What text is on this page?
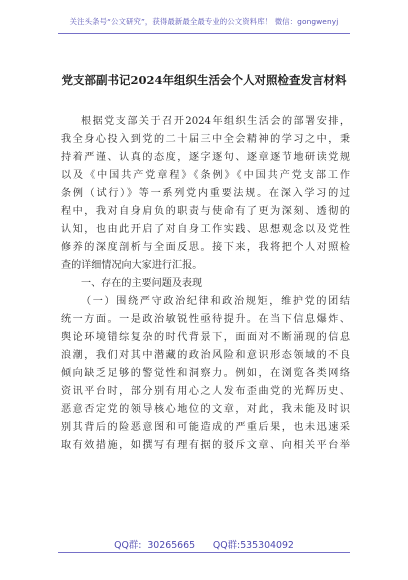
关注头条号“公文研究”，获得最新最全最专业的公文资料库！ 微信：gongwenyj
党支部副书记2024年组织生活会个人对照检查发言材料
根据党支部关于召开2024年组织生活会的部署安排，
我全身心投入到党的二十届三中全会精神的学习之中，秉
持着严谨、认真的态度，逐字逐句、逐章逐节地研读党规
以及《中国共产党章程》《条例》《中国共产党支部工作
条例（试行）》等一系列党内重要法规。在深入学习的过
程中，我对自身肩负的职责与使命有了更为深刻、透彻的
认知，也由此开启了对自身工作实践、思想观念以及党性
修养的深度剖析与全面反思。接下来，我将把个人对照检
查的详细情况向大家进行汇报。
一、存在的主要问题及表现
（一）围绕严守政治纪律和政治规矩，维护党的团结
统一方面。一是政治敏锐性亟待提升。在当下信息爆炸、
舆论环境错综复杂的时代背景下，面面对不断涌现的信息
浪潮，我们对其中潜藏的政治风险和意识形态领域的不良
倾向缺乏足够的警觉性和洞察力。例如，在浏览各类网络
资讯平台时，部分别有用心之人发布歪曲党的光辉历史、
恶意否定党的领导核心地位的文章，对此，我未能及时识
别其背后的险恶意图和可能造成的严重后果，也未迅速采
取有效措施，如撰写有理有据的驳斥文章、向相关平台举
QQ群:  30265665      QQ群:535304092
